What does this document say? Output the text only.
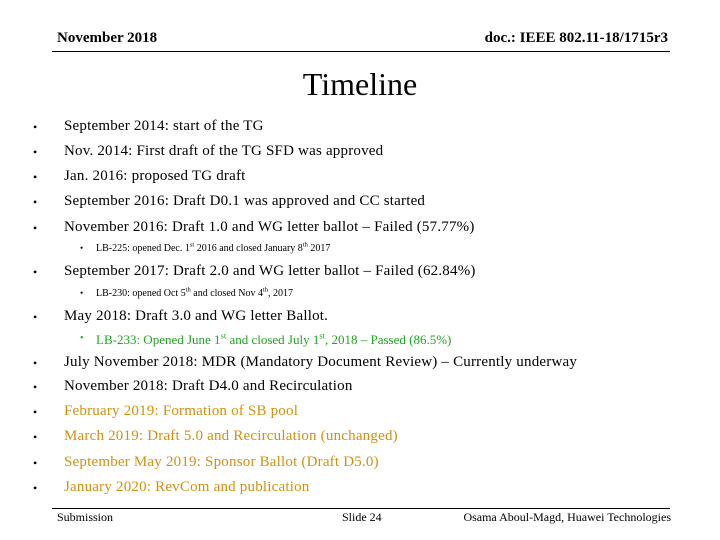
November 2018	doc.: IEEE 802.11-18/1715r3
Timeline
• September 2014: start of the TG
• Nov. 2014: First draft of the TG SFD was approved
• Jan. 2016: proposed TG draft
• September 2016: Draft D0.1 was approved and CC started
• November 2016: Draft 1.0 and WG letter ballot – Failed (57.77%)
• LB-225: opened Dec. 1st 2016 and closed January 8th 2017
• September 2017: Draft 2.0 and WG letter ballot – Failed (62.84%)
• LB-230: opened Oct 5th and closed Nov 4th, 2017
• May 2018: Draft 3.0 and WG letter Ballot.
• LB-233: Opened June 1st and closed July 1st, 2018 – Passed (86.5%)
• July November 2018: MDR (Mandatory Document Review) – Currently underway
• November 2018: Draft D4.0 and Recirculation
• February 2019: Formation of SB pool
• March 2019: Draft 5.0 and Recirculation (unchanged)
• September May 2019: Sponsor Ballot (Draft D5.0)
• January 2020: RevCom and publication
Submission	Slide 24	Osama Aboul-Magd, Huawei Technologies
